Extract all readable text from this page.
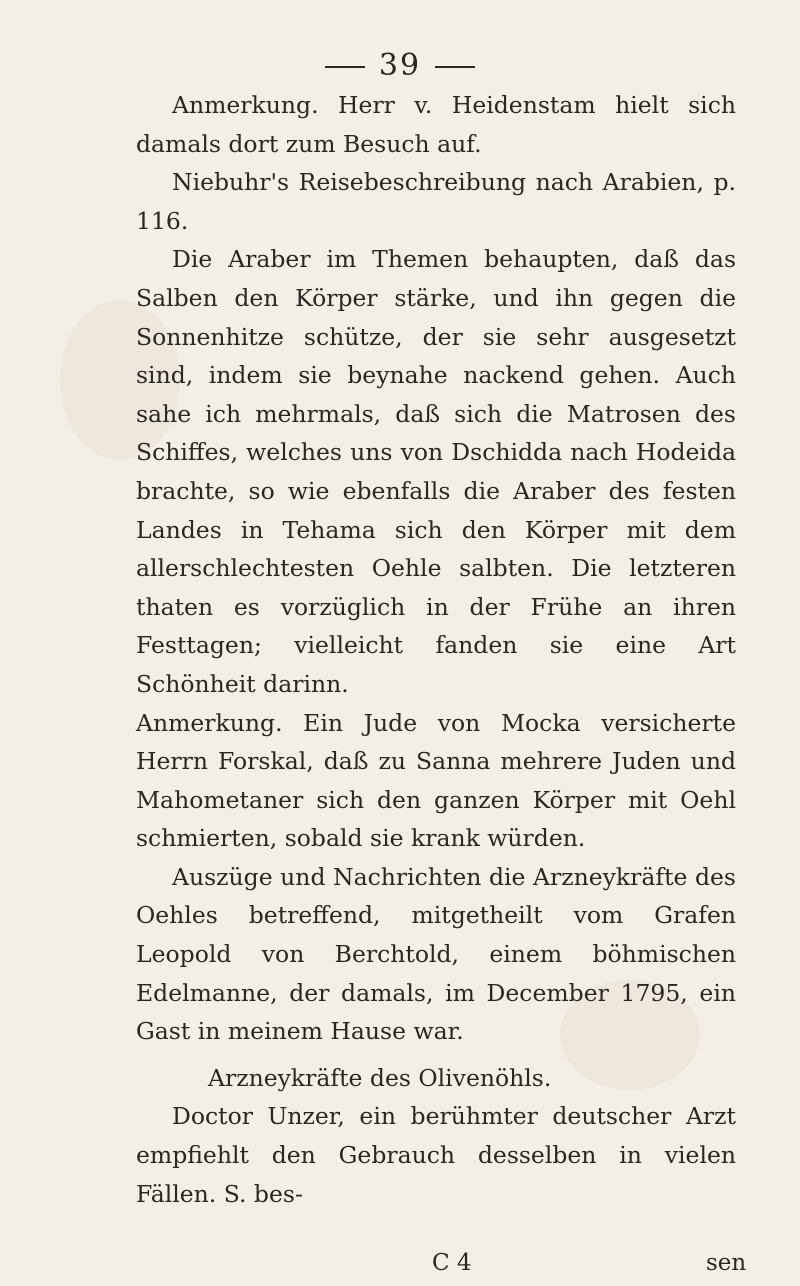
39

Anmerkung. Herr v. Heidenstam hielt sich damals dort zum Besuch auf.

Niebuhr's Reisebeschreibung nach Arabien, p. 116.

Die Araber im Themen behaupten, daß das Salben den Körper stärke, und ihn gegen die Sonnenhitze schütze, der sie sehr ausgesetzt sind, indem sie beynahe nackend gehen. Auch sahe ich mehrmals, daß sich die Matrosen des Schiffes, welches uns von Dschidda nach Hodeida brachte, so wie ebenfalls die Araber des festen Landes in Tehama sich den Körper mit dem allerschlechtesten Oehle salbten. Die letzteren thaten es vorzüglich in der Frühe an ihren Festtagen; vielleicht fanden sie eine Art Schönheit darinn.

Anmerkung. Ein Jude von Mocka versicherte Herrn Forskal, daß zu Sanna mehrere Juden und Mahometaner sich den ganzen Körper mit Oehl schmierten, sobald sie krank würden.

Auszüge und Nachrichten die Arzneykräfte des Oehles betreffend, mitgetheilt vom Grafen Leopold von Berchtold, einem böhmischen Edelmanne, der damals, im December 1795, ein Gast in meinem Hause war.

Arzneykräfte des Olivenöhls.

Doctor Unzer, ein berühmter deutscher Arzt empfiehlt den Gebrauch desselben in vielen Fällen. S. bes-

C 4	sen
